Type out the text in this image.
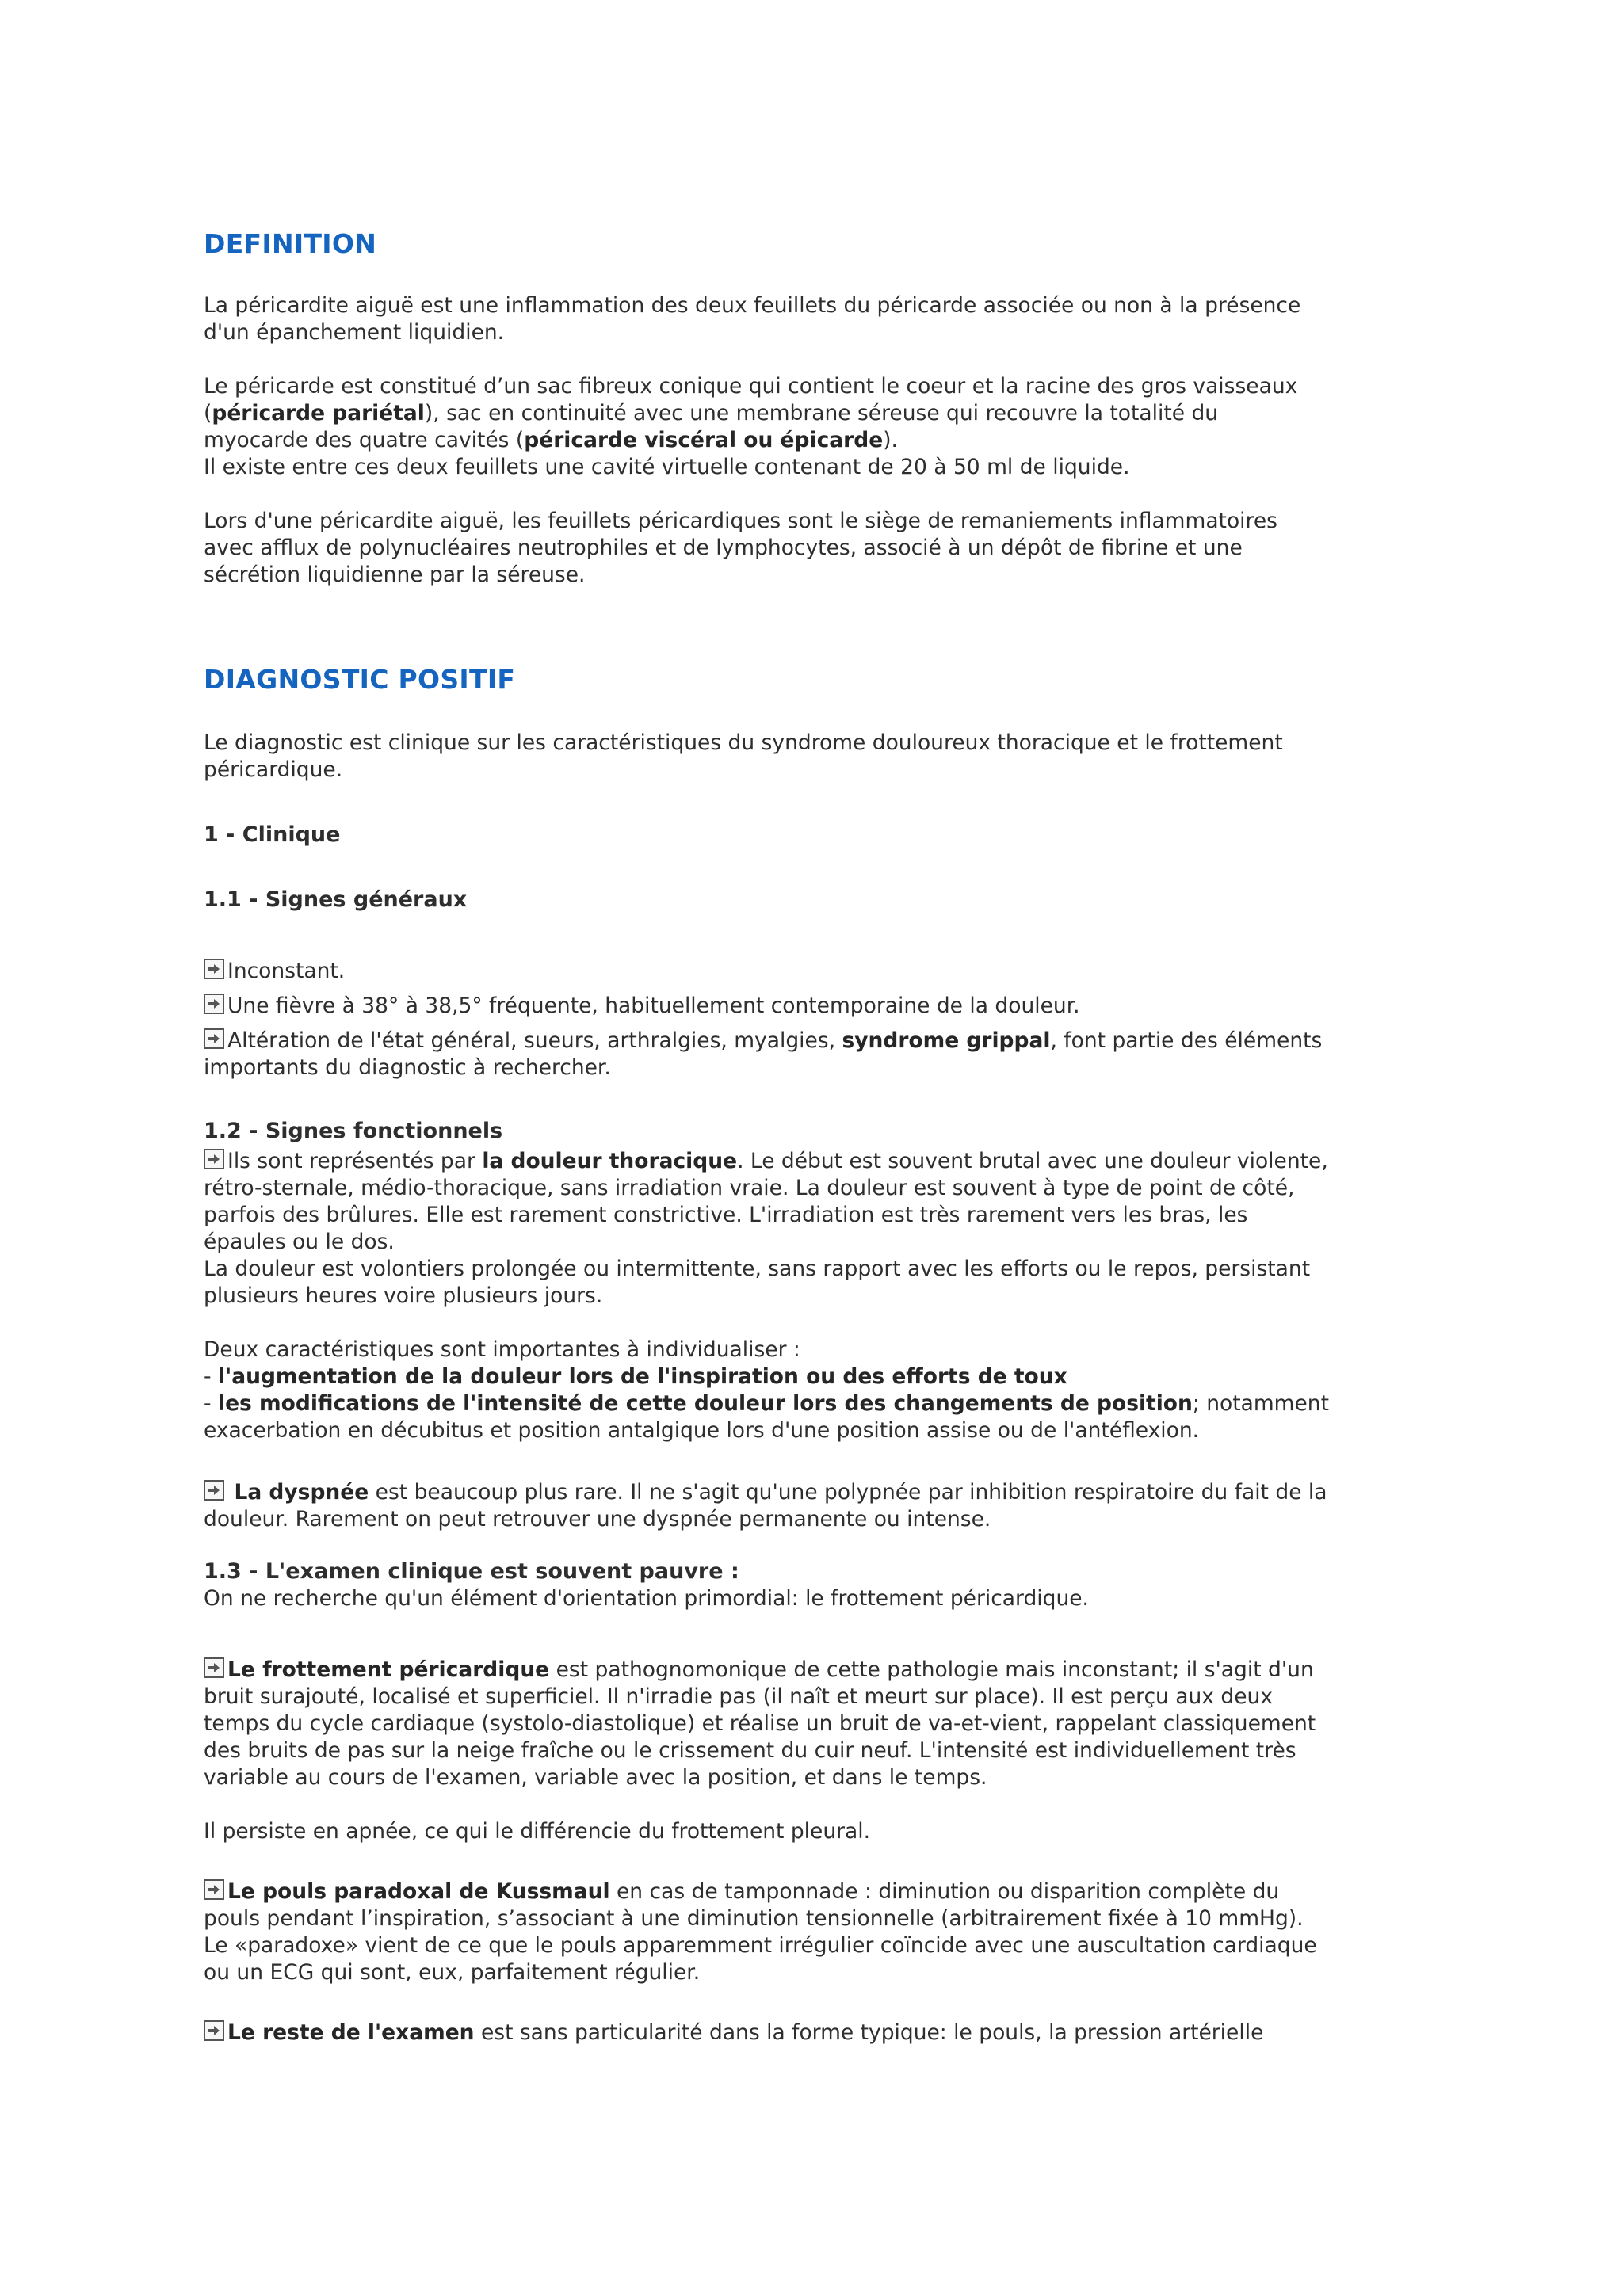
DEFINITION

La péricardite aiguë est une inflammation des deux feuillets du péricarde associée ou non à la présence d'un épanchement liquidien.

Le péricarde est constitué d’un sac fibreux conique qui contient le coeur et la racine des gros vaisseaux (péricarde pariétal), sac en continuité avec une membrane séreuse qui recouvre la totalité du myocarde des quatre cavités (péricarde viscéral ou épicarde).
Il existe entre ces deux feuillets une cavité virtuelle contenant de 20 à 50 ml de liquide.

Lors d'une péricardite aiguë, les feuillets péricardiques sont le siège de remaniements inflammatoires avec afflux de polynucléaires neutrophiles et de lymphocytes, associé à un dépôt de fibrine et une sécrétion liquidienne par la séreuse.

DIAGNOSTIC POSITIF

Le diagnostic est clinique sur les caractéristiques du syndrome douloureux thoracique et le frottement péricardique.

1 - Clinique

1.1 - Signes généraux

Inconstant.

Une fièvre à 38° à 38,5° fréquente, habituellement contemporaine de la douleur.

Altération de l'état général, sueurs, arthralgies, myalgies, syndrome grippal, font partie des éléments importants du diagnostic à rechercher.

1.2 - Signes fonctionnels

Ils sont représentés par la douleur thoracique. Le début est souvent brutal avec une douleur violente, rétro-sternale, médio-thoracique, sans irradiation vraie. La douleur est souvent à type de point de côté, parfois des brûlures. Elle est rarement constrictive. L'irradiation est très rarement vers les bras, les épaules ou le dos.
La douleur est volontiers prolongée ou intermittente, sans rapport avec les efforts ou le repos, persistant plusieurs heures voire plusieurs jours.

Deux caractéristiques sont importantes à individualiser :
- l'augmentation de la douleur lors de l'inspiration ou des efforts de toux
- les modifications de l'intensité de cette douleur lors des changements de position; notamment exacerbation en décubitus et position antalgique lors d'une position assise ou de l'antéflexion.

La dyspnée est beaucoup plus rare. Il ne s'agit qu'une polypnée par inhibition respiratoire du fait de la douleur. Rarement on peut retrouver une dyspnée permanente ou intense.

1.3 - L'examen clinique est souvent pauvre :

On ne recherche qu'un élément d'orientation primordial: le frottement péricardique.

Le frottement péricardique est pathognomonique de cette pathologie mais inconstant; il s'agit d'un bruit surajouté, localisé et superficiel. Il n'irradie pas (il naît et meurt sur place). Il est perçu aux deux temps du cycle cardiaque (systolo-diastolique) et réalise un bruit de va-et-vient, rappelant classiquement des bruits de pas sur la neige fraîche ou le crissement du cuir neuf. L'intensité est individuellement très variable au cours de l'examen, variable avec la position, et dans le temps.

Il persiste en apnée, ce qui le différencie du frottement pleural.

Le pouls paradoxal de Kussmaul en cas de tamponnade : diminution ou disparition complète du pouls pendant l’inspiration, s’associant à une diminution tensionnelle (arbitrairement fixée à 10 mmHg). Le «paradoxe» vient de ce que le pouls apparemment irrégulier coïncide avec une auscultation cardiaque ou un ECG qui sont, eux, parfaitement régulier.

Le reste de l'examen est sans particularité dans la forme typique: le pouls, la pression artérielle
